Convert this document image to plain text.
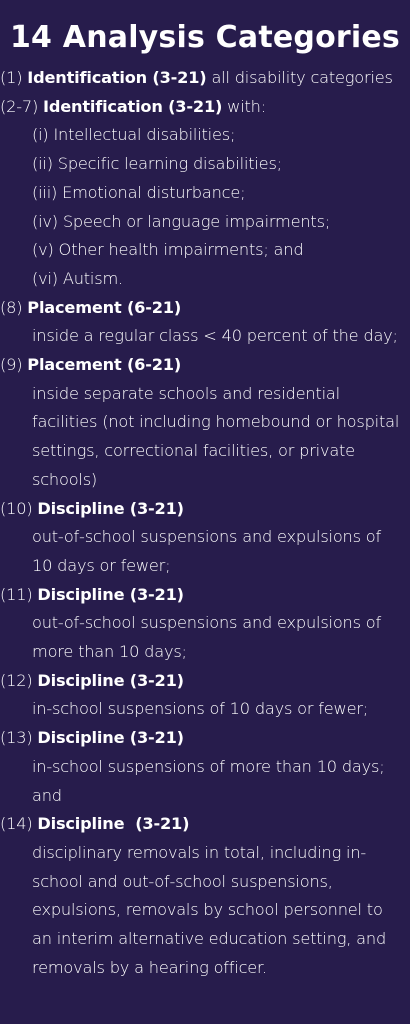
14 Analysis Categories
(1) Identification (3-21) all disability categories
(2-7) Identification (3-21) with:
(i) Intellectual disabilities;
(ii) Specific learning disabilities;
(iii) Emotional disturbance;
(iv) Speech or language impairments;
(v) Other health impairments; and
(vi) Autism.
(8) Placement (6-21)
inside a regular class < 40 percent of the day;
(9) Placement (6-21)
inside separate schools and residential facilities (not including homebound or hospital settings, correctional facilities, or private schools)
(10) Discipline (3-21)
out-of-school suspensions and expulsions of 10 days or fewer;
(11) Discipline (3-21)
out-of-school suspensions and expulsions of more than 10 days;
(12) Discipline (3-21)
in-school suspensions of 10 days or fewer;
(13) Discipline (3-21)
in-school suspensions of more than 10 days; and
(14) Discipline  (3-21)
disciplinary removals in total, including in-school and out-of-school suspensions, expulsions, removals by school personnel to an interim alternative education setting, and removals by a hearing officer.
